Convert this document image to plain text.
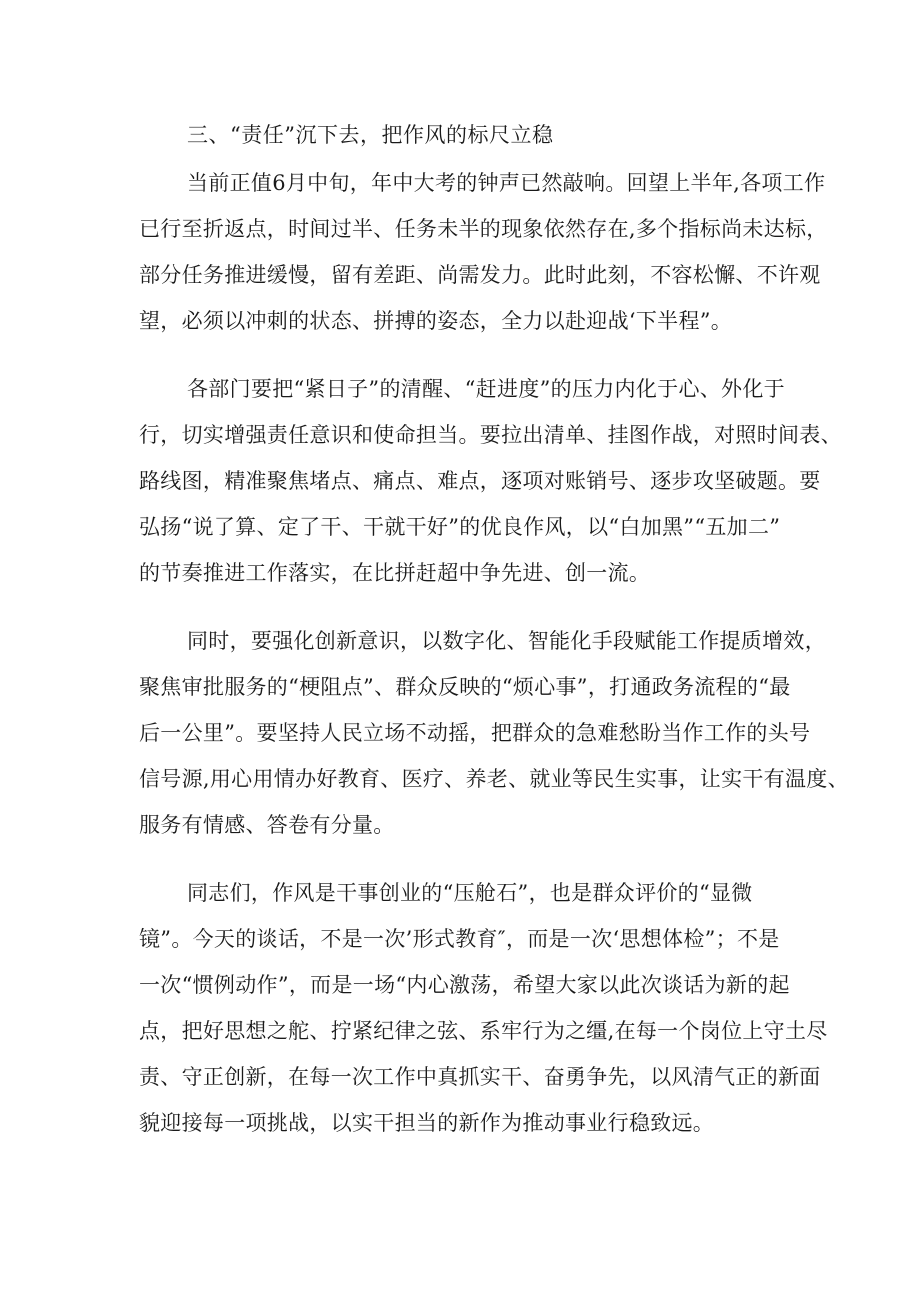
三、“责任”沉下去，把作风的标尺立稳
当前正值6月中旬，年中大考的钟声已然敲响。回望上半年,各项工作
已行至折返点，时间过半、任务未半的现象依然存在,多个指标尚未达标，
部分任务推进缓慢，留有差距、尚需发力。此时此刻，不容松懈、不许观
望，必须以冲刺的状态、拼搏的姿态，全力以赴迎战‘下半程”。
各部门要把“紧日子”的清醒、“赶进度”的压力内化于心、外化于
行，切实增强责任意识和使命担当。要拉出清单、挂图作战，对照时间表、
路线图，精准聚焦堵点、痛点、难点，逐项对账销号、逐步攻坚破题。要
弘扬“说了算、定了干、干就干好”的优良作风，以“白加黑”“五加二”
的节奏推进工作落实，在比拼赶超中争先进、创一流。
同时，要强化创新意识，以数字化、智能化手段赋能工作提质增效，
聚焦审批服务的“梗阻点”、群众反映的“烦心事”，打通政务流程的“最
后一公里”。要坚持人民立场不动摇，把群众的急难愁盼当作工作的头号
信号源,用心用情办好教育、医疗、养老、就业等民生实事，让实干有温度、
服务有情感、答卷有分量。
同志们，作风是干事创业的“压舱石”，也是群众评价的“显微
镜”。今天的谈话，不是一次’形式教育″，而是一次‘思想体检”；不是
一次“惯例动作”，而是一场“内心激荡，希望大家以此次谈话为新的起
点，把好思想之舵、拧紧纪律之弦、系牢行为之缰,在每一个岗位上守土尽
责、守正创新，在每一次工作中真抓实干、奋勇争先，以风清气正的新面
貌迎接每一项挑战，以实干担当的新作为推动事业行稳致远。
